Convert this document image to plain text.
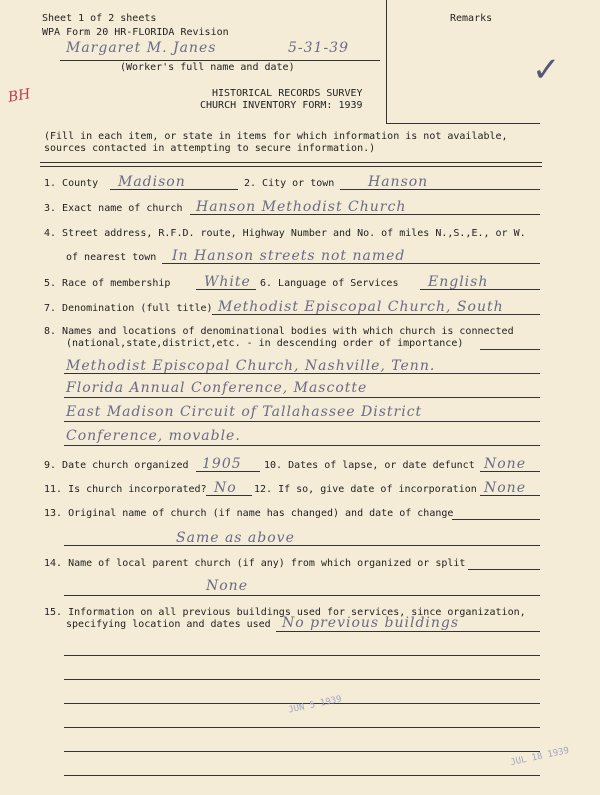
Sheet 1 of 2 sheets
WPA Form 20 HR-FLORIDA Revision
Remarks
Margaret M. Janes	5-31-39
(Worker's full name and date)
BH
✓
HISTORICAL RECORDS SURVEY
CHURCH INVENTORY FORM: 1939
(Fill in each item, or state in items for which information is not available,
sources contacted in attempting to secure information.)
1. County Madison	2. City or town Hanson
3. Exact name of church Hanson Methodist Church
4. Street address, R.F.D. route, Highway Number and No. of miles N.,S.,E., or W.
of nearest town In Hanson streets not named
5. Race of membership White 6. Language of Services English
7. Denomination (full title) Methodist Episcopal Church, South
8. Names and locations of denominational bodies with which church is connected
(national,state,district,etc. - in descending order of importance)
Methodist Episcopal Church, Nashville, Tenn.
Florida Annual Conference, Mascotte
East Madison Circuit of Tallahassee District
Conference, movable.
9. Date church organized 1905 10. Dates of lapse, or date defunct None
11. Is church incorporated? No 12. If so, give date of incorporation None
13. Original name of church (if name has changed) and date of change
Same as above
14. Name of local parent church (if any) from which organized or split
None
15. Information on all previous buildings used for services, since organization,
specifying location and dates used No previous buildings
JUN 5 1939
JUL 18 1939
